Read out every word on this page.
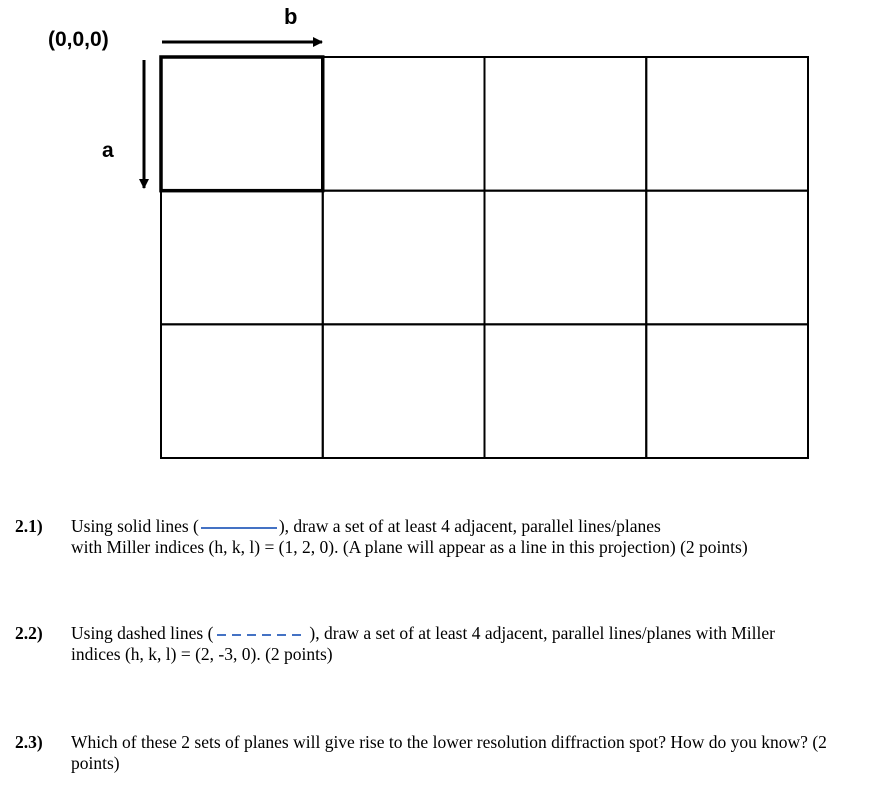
(0,0,0)
b
a
2.1) Using solid lines (	), draw a set of at least 4 adjacent, parallel lines/planes
with Miller indices (h, k, l) = (1, 2, 0). (A plane will appear as a line in this projection) (2 points)
2.2) Using dashed lines (	), draw a set of at least 4 adjacent, parallel lines/planes with Miller
indices (h, k, l) = (2, -3, 0). (2 points)
2.3) Which of these 2 sets of planes will give rise to the lower resolution diffraction spot? How do you know? (2 points)
